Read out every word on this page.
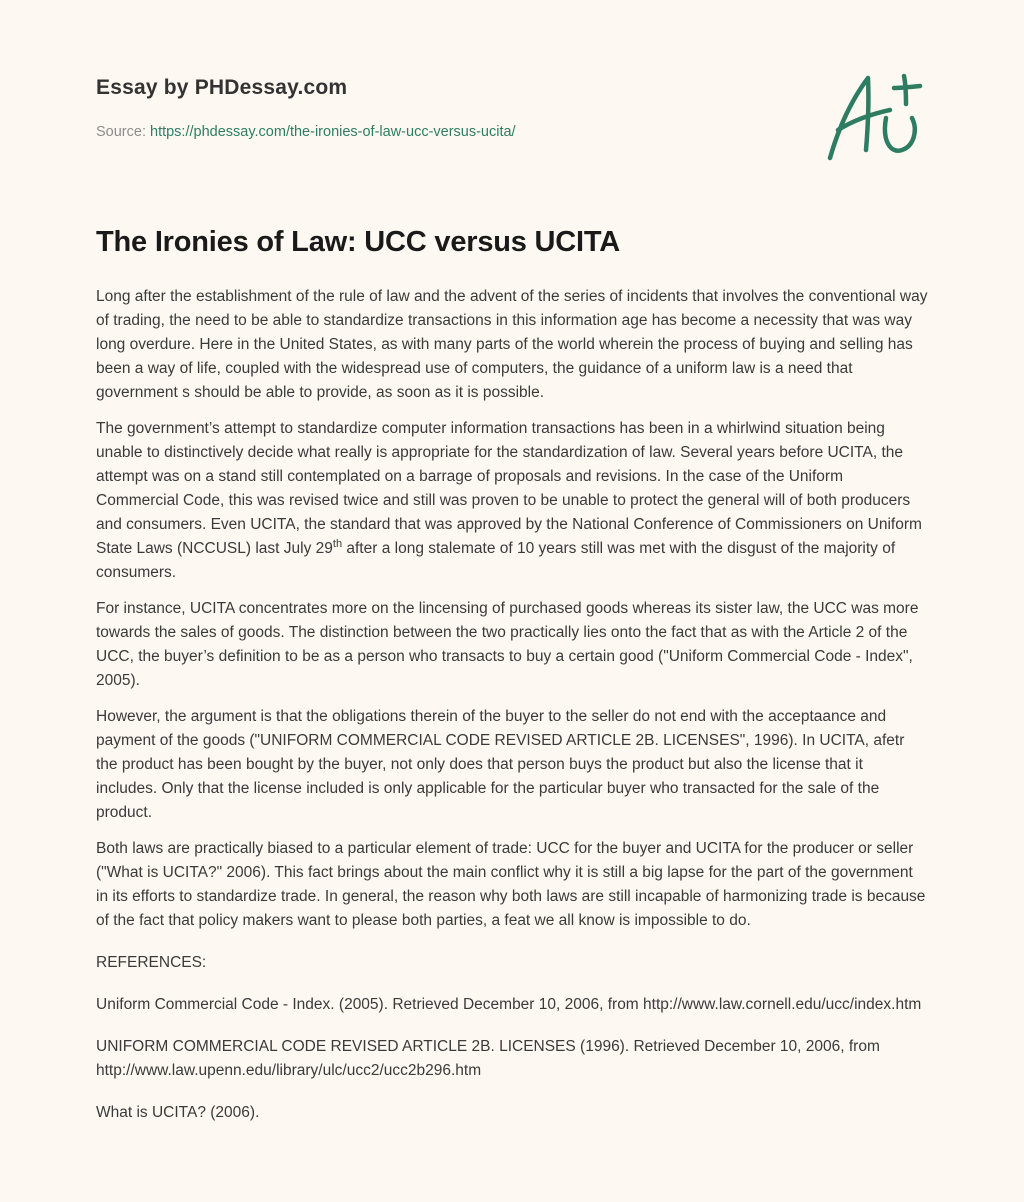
Essay by PHDessay.com
Source: https://phdessay.com/the-ironies-of-law-ucc-versus-ucita/
The Ironies of Law: UCC versus UCITA

Long after the establishment of the rule of law and the advent of the series of incidents that involves the conventional way of trading, the need to be able to standardize transactions in this information age has become a necessity that was way long overdure. Here in the United States, as with many parts of the world wherein the process of buying and selling has been a way of life, coupled with the widespread use of computers, the guidance of a uniform law is a need that government s should be able to provide, as soon as it is possible.

The government’s attempt to standardize computer information transactions has been in a whirlwind situation being unable to distinctively decide what really is appropriate for the standardization of law. Several years before UCITA, the attempt was on a stand still contemplated on a barrage of proposals and revisions. In the case of the Uniform Commercial Code, this was revised twice and still was proven to be unable to protect the general will of both producers and consumers. Even UCITA, the standard that was approved by the National Conference of Commissioners on Uniform State Laws (NCCUSL) last July 29th after a long stalemate of 10 years still was met with the disgust of the majority of consumers.

For instance, UCITA concentrates more on the lincensing of purchased goods whereas its sister law, the UCC was more towards the sales of goods. The distinction between the two practically lies onto the fact that as with the Article 2 of the UCC, the buyer’s definition to be as a person who transacts to buy a certain good ("Uniform Commercial Code - Index", 2005).

However, the argument is that the obligations therein of the buyer to the seller do not end with the acceptaance and payment of the goods ("UNIFORM COMMERCIAL CODE REVISED ARTICLE 2B. LICENSES", 1996). In UCITA, afetr the product has been bought by the buyer, not only does that person buys the product but also the license that it includes. Only that the license included is only applicable for the particular buyer who transacted for the sale of the product.

Both laws are practically biased to a particular element of trade: UCC for the buyer and UCITA for the producer or seller ("What is UCITA?" 2006). This fact brings about the main conflict why it is still a big lapse for the part of the government in its efforts to standardize trade. In general, the reason why both laws are still incapable of harmonizing trade is because of the fact that policy makers want to please both parties, a feat we all know is impossible to do.

REFERENCES:

Uniform Commercial Code - Index. (2005). Retrieved December 10, 2006, from http://www.law.cornell.edu/ucc/index.htm

UNIFORM COMMERCIAL CODE REVISED ARTICLE 2B. LICENSES (1996). Retrieved December 10, 2006, from http://www.law.upenn.edu/library/ulc/ucc2/ucc2b296.htm

What is UCITA? (2006).
